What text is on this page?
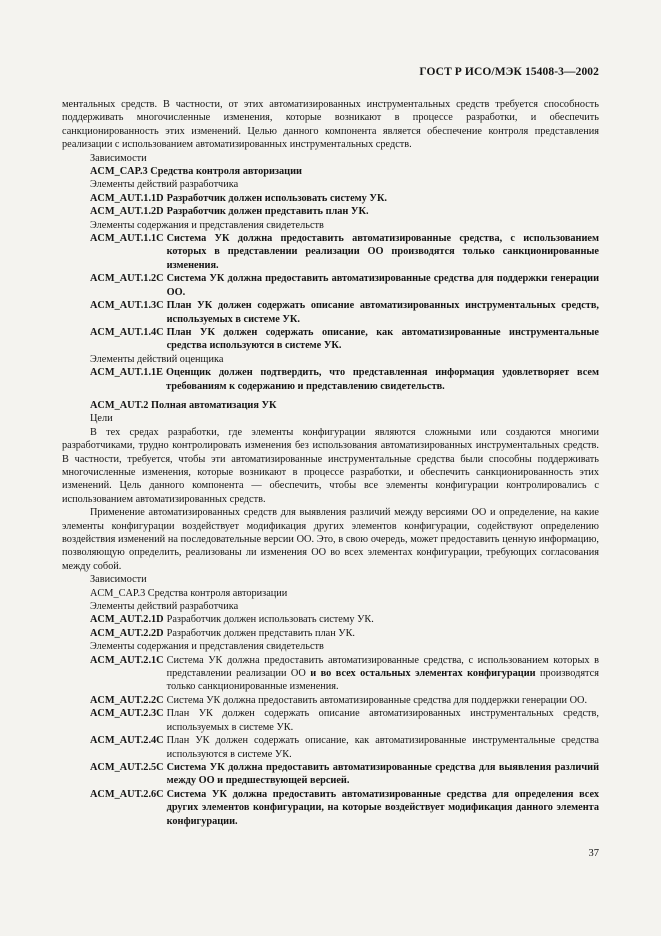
ГОСТ Р ИСО/МЭК 15408-3—2002

ментальных средств. В частности, от этих автоматизированных инструментальных средств требуется способность поддерживать многочисленные изменения, которые возникают в процессе разработки, и обеспечить санкционированность этих изменений. Целью данного компонента является обеспечение контроля представления реализации с использованием автоматизированных инструментальных средств.

Зависимости

ACM_CAP.3 Средства контроля авторизации

Элементы действий разработчика

ACM_AUT.1.1D Разработчик должен использовать систему УК.
ACM_AUT.1.2D Разработчик должен представить план УК.

Элементы содержания и представления свидетельств

ACM_AUT.1.1C Система УК должна предоставить автоматизированные средства, с использованием которых в представлении реализации ОО производятся только санкционированные изменения.
ACM_AUT.1.2C Система УК должна предоставить автоматизированные средства для поддержки генерации ОО.
ACM_AUT.1.3C План УК должен содержать описание автоматизированных инструментальных средств, используемых в системе УК.
ACM_AUT.1.4C План УК должен содержать описание, как автоматизированные инструментальные средства используются в системе УК.

Элементы действий оценщика

ACM_AUT.1.1E Оценщик должен подтвердить, что представленная информация удовлетворяет всем требованиям к содержанию и представлению свидетельств.

ACM_AUT.2 Полная автоматизация УК

Цели

В тех средах разработки, где элементы конфигурации являются сложными или создаются многими разработчиками, трудно контролировать изменения без использования автоматизированных инструментальных средств. В частности, требуется, чтобы эти автоматизированные инструментальные средства были способны поддерживать многочисленные изменения, которые возникают в процессе разработки, и обеспечить санкционированность этих изменений. Цель данного компонента — обеспечить, чтобы все элементы конфигурации контролировались с использованием автоматизированных средств.

Применение автоматизированных средств для выявления различий между версиями ОО и определение, на какие элементы конфигурации воздействует модификация других элементов конфигурации, содействуют определению воздействия изменений на последовательные версии ОО. Это, в свою очередь, может предоставить ценную информацию, позволяющую определить, реализованы ли изменения ОО во всех элементах конфигурации, требующих согласования между собой.

Зависимости

ACM_CAP.3 Средства контроля авторизации

Элементы действий разработчика

ACM_AUT.2.1D Разработчик должен использовать систему УК.
ACM_AUT.2.2D Разработчик должен представить план УК.

Элементы содержания и представления свидетельств

ACM_AUT.2.1C Система УК должна предоставить автоматизированные средства, с использованием которых в представлении реализации ОО и во всех остальных элементах конфигурации производятся только санкционированные изменения.
ACM_AUT.2.2C Система УК должна предоставить автоматизированные средства для поддержки генерации ОО.
ACM_AUT.2.3C План УК должен содержать описание автоматизированных инструментальных средств, используемых в системе УК.
ACM_AUT.2.4C План УК должен содержать описание, как автоматизированные инструментальные средства используются в системе УК.
ACM_AUT.2.5C Система УК должна предоставить автоматизированные средства для выявления различий между ОО и предшествующей версией.
ACM_AUT.2.6C Система УК должна предоставить автоматизированные средства для определения всех других элементов конфигурации, на которые воздействует модификация данного элемента конфигурации.
37
